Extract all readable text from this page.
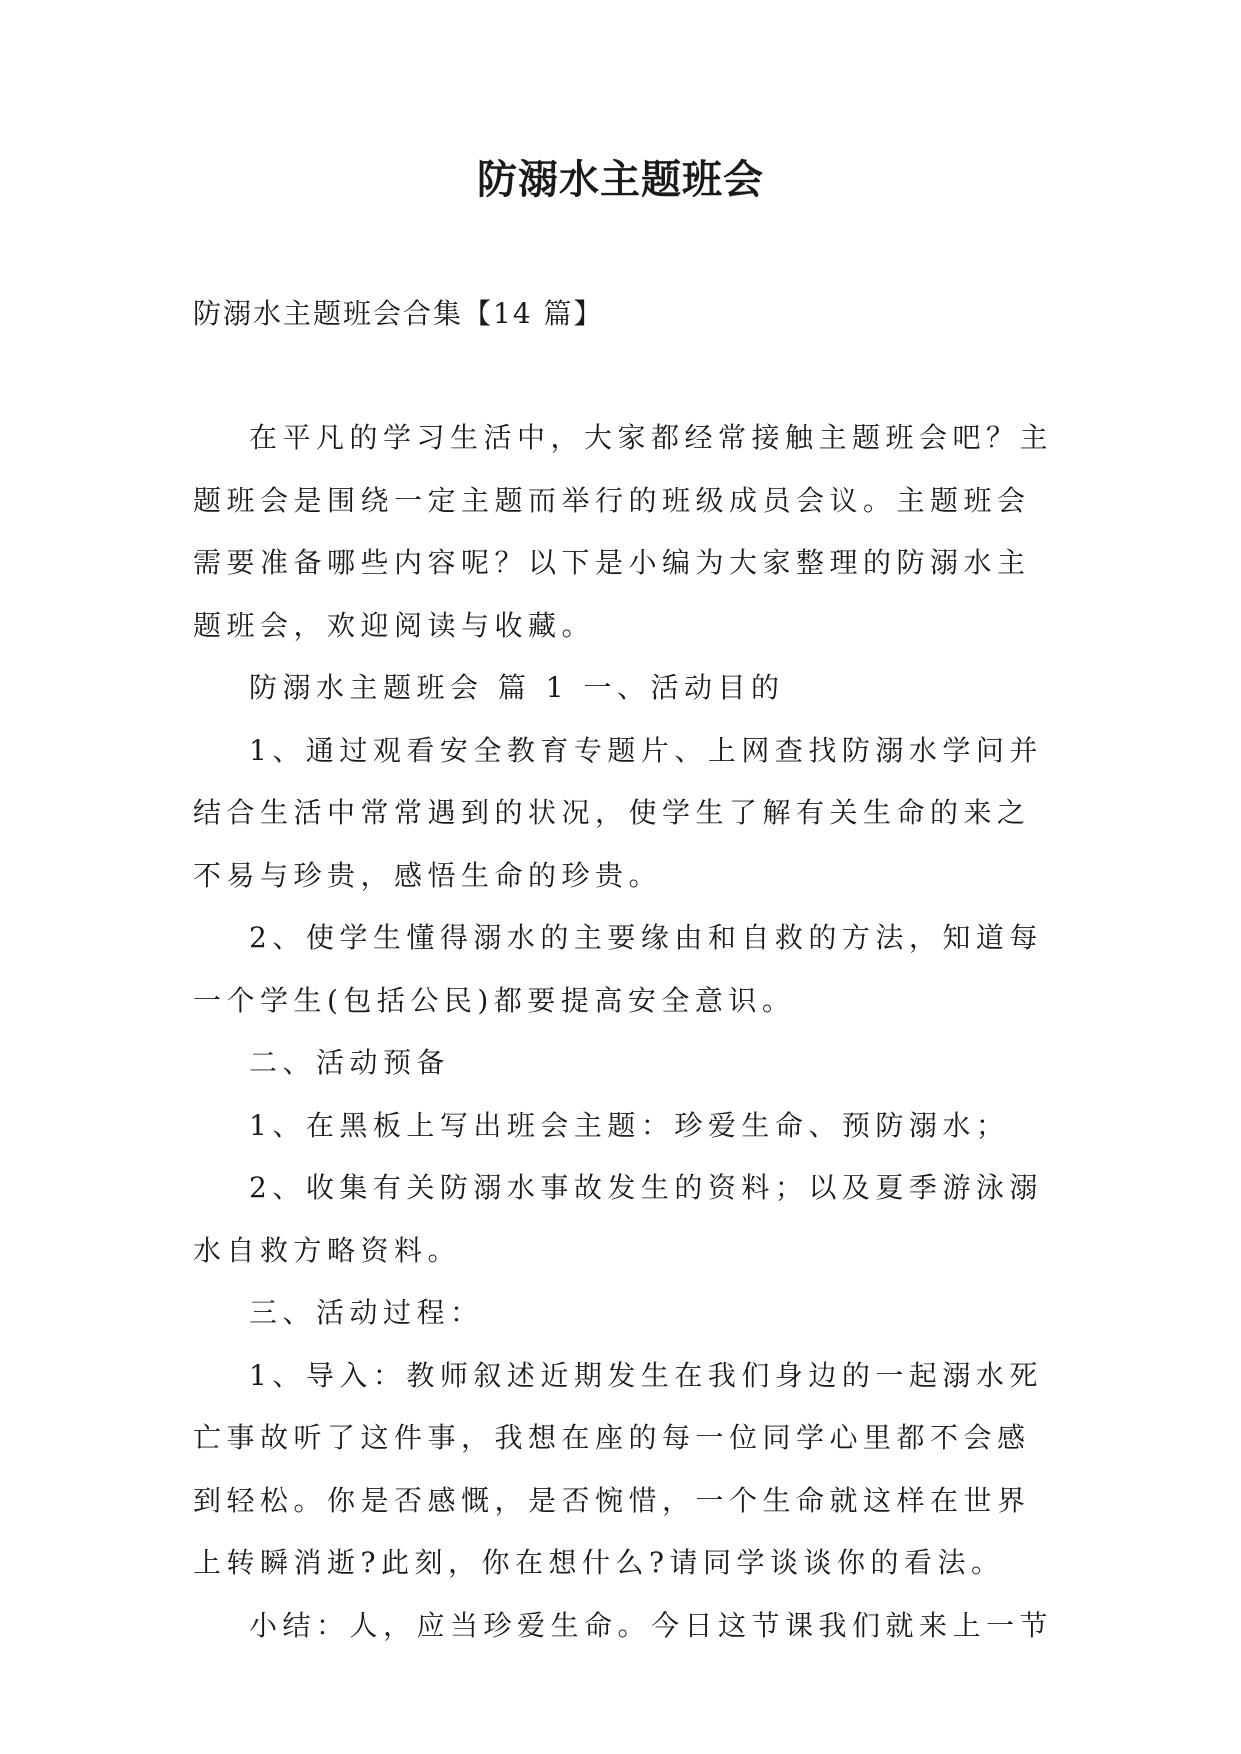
防溺水主题班会
防溺水主题班会合集【14 篇】

在平凡的学习生活中，大家都经常接触主题班会吧？主题班会是围绕一定主题而举行的班级成员会议。主题班会需要准备哪些内容呢？以下是小编为大家整理的防溺水主题班会，欢迎阅读与收藏。

防溺水主题班会 篇 1 一、活动目的

1、通过观看安全教育专题片、上网查找防溺水学问并结合生活中常常遇到的状况，使学生了解有关生命的来之不易与珍贵，感悟生命的珍贵。

2、使学生懂得溺水的主要缘由和自救的方法，知道每一个学生(包括公民)都要提高安全意识。

二、活动预备

1、在黑板上写出班会主题：珍爱生命、预防溺水；

2、收集有关防溺水事故发生的资料；以及夏季游泳溺水自救方略资料。

三、活动过程：

1、导入：教师叙述近期发生在我们身边的一起溺水死亡事故听了这件事，我想在座的每一位同学心里都不会感到轻松。你是否感慨，是否惋惜，一个生命就这样在世界上转瞬消逝?此刻，你在想什么?请同学谈谈你的看法。

小结：人，应当珍爱生命。今日这节课我们就来上一节
